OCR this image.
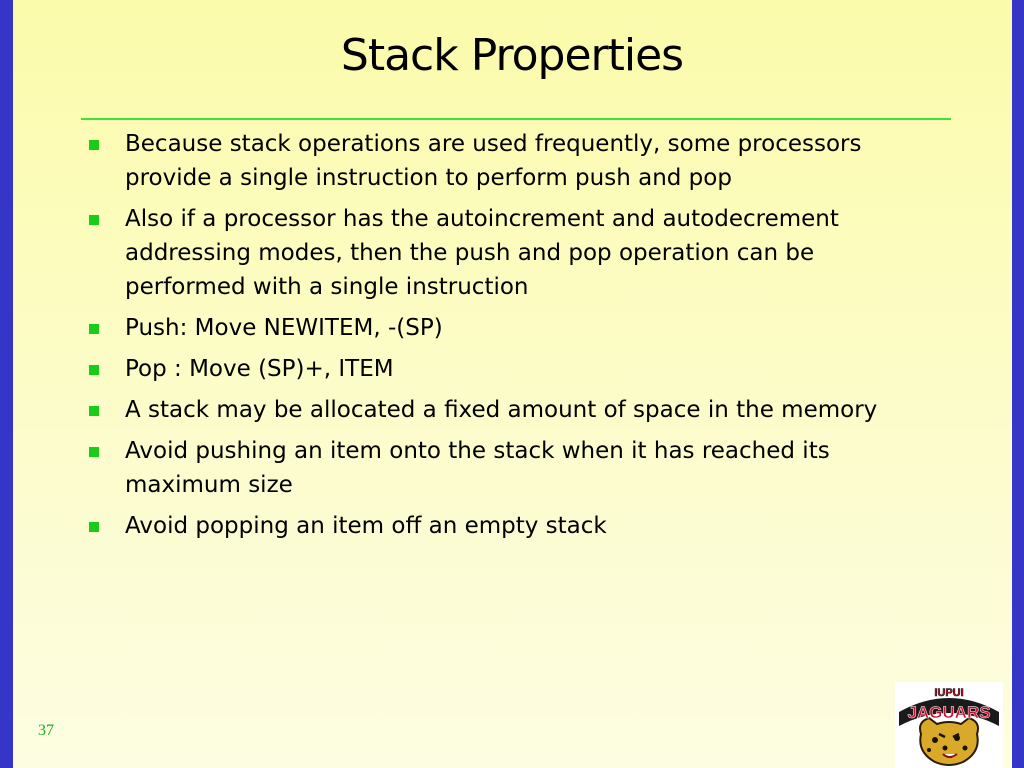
Stack Properties
Because stack operations are used frequently, some processors provide a single instruction to perform push and pop
Also if a processor has the autoincrement and autodecrement addressing modes, then the push and pop operation can be performed with a single instruction
Push: Move NEWITEM, -(SP)
Pop : Move (SP)+, ITEM
A stack may be allocated a fixed amount of space in the memory
Avoid pushing an item onto the stack when it has reached its maximum size
Avoid popping an item off an empty stack
37
IUPUI
JAGUARS
